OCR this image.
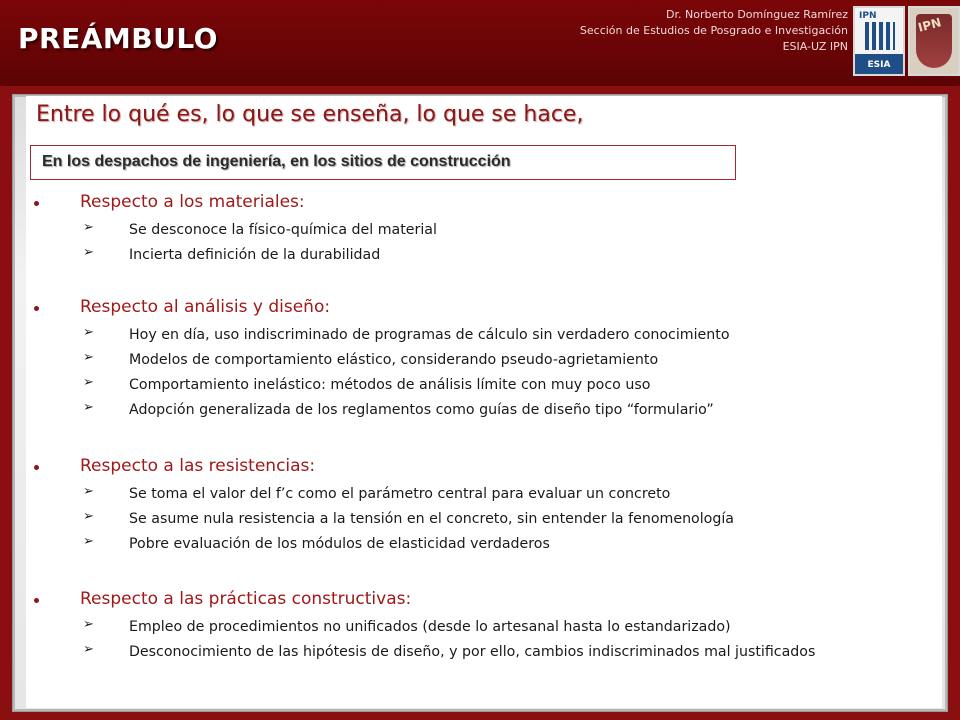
PREÁMBULO
Dr. Norberto Domínguez Ramírez
Sección de Estudios de Posgrado e Investigación
ESIA-UZ IPN
IPN
ESIA
IPN
Entre lo qué es, lo que se enseña, lo que se hace,
En los despachos de ingeniería, en los sitios de construcción
Respecto a los materiales:
➢ Se desconoce la físico-química del material
➢ Incierta definición de la durabilidad
Respecto al análisis y diseño:
➢ Hoy en día, uso indiscriminado de programas de cálculo sin verdadero conocimiento
➢ Modelos de comportamiento elástico, considerando pseudo-agrietamiento
➢ Comportamiento inelástico: métodos de análisis límite con muy poco uso
➢ Adopción generalizada de los reglamentos como guías de diseño tipo “formulario”
Respecto a las resistencias:
➢ Se toma el valor del f’c como el parámetro central para evaluar un concreto
➢ Se asume nula resistencia a la tensión en el concreto, sin entender la fenomenología
➢ Pobre evaluación de los módulos de elasticidad verdaderos
Respecto a las prácticas constructivas:
➢ Empleo de procedimientos no unificados (desde lo artesanal hasta lo estandarizado)
➢ Desconocimiento de las hipótesis de diseño, y por ello, cambios indiscriminados mal justificados
